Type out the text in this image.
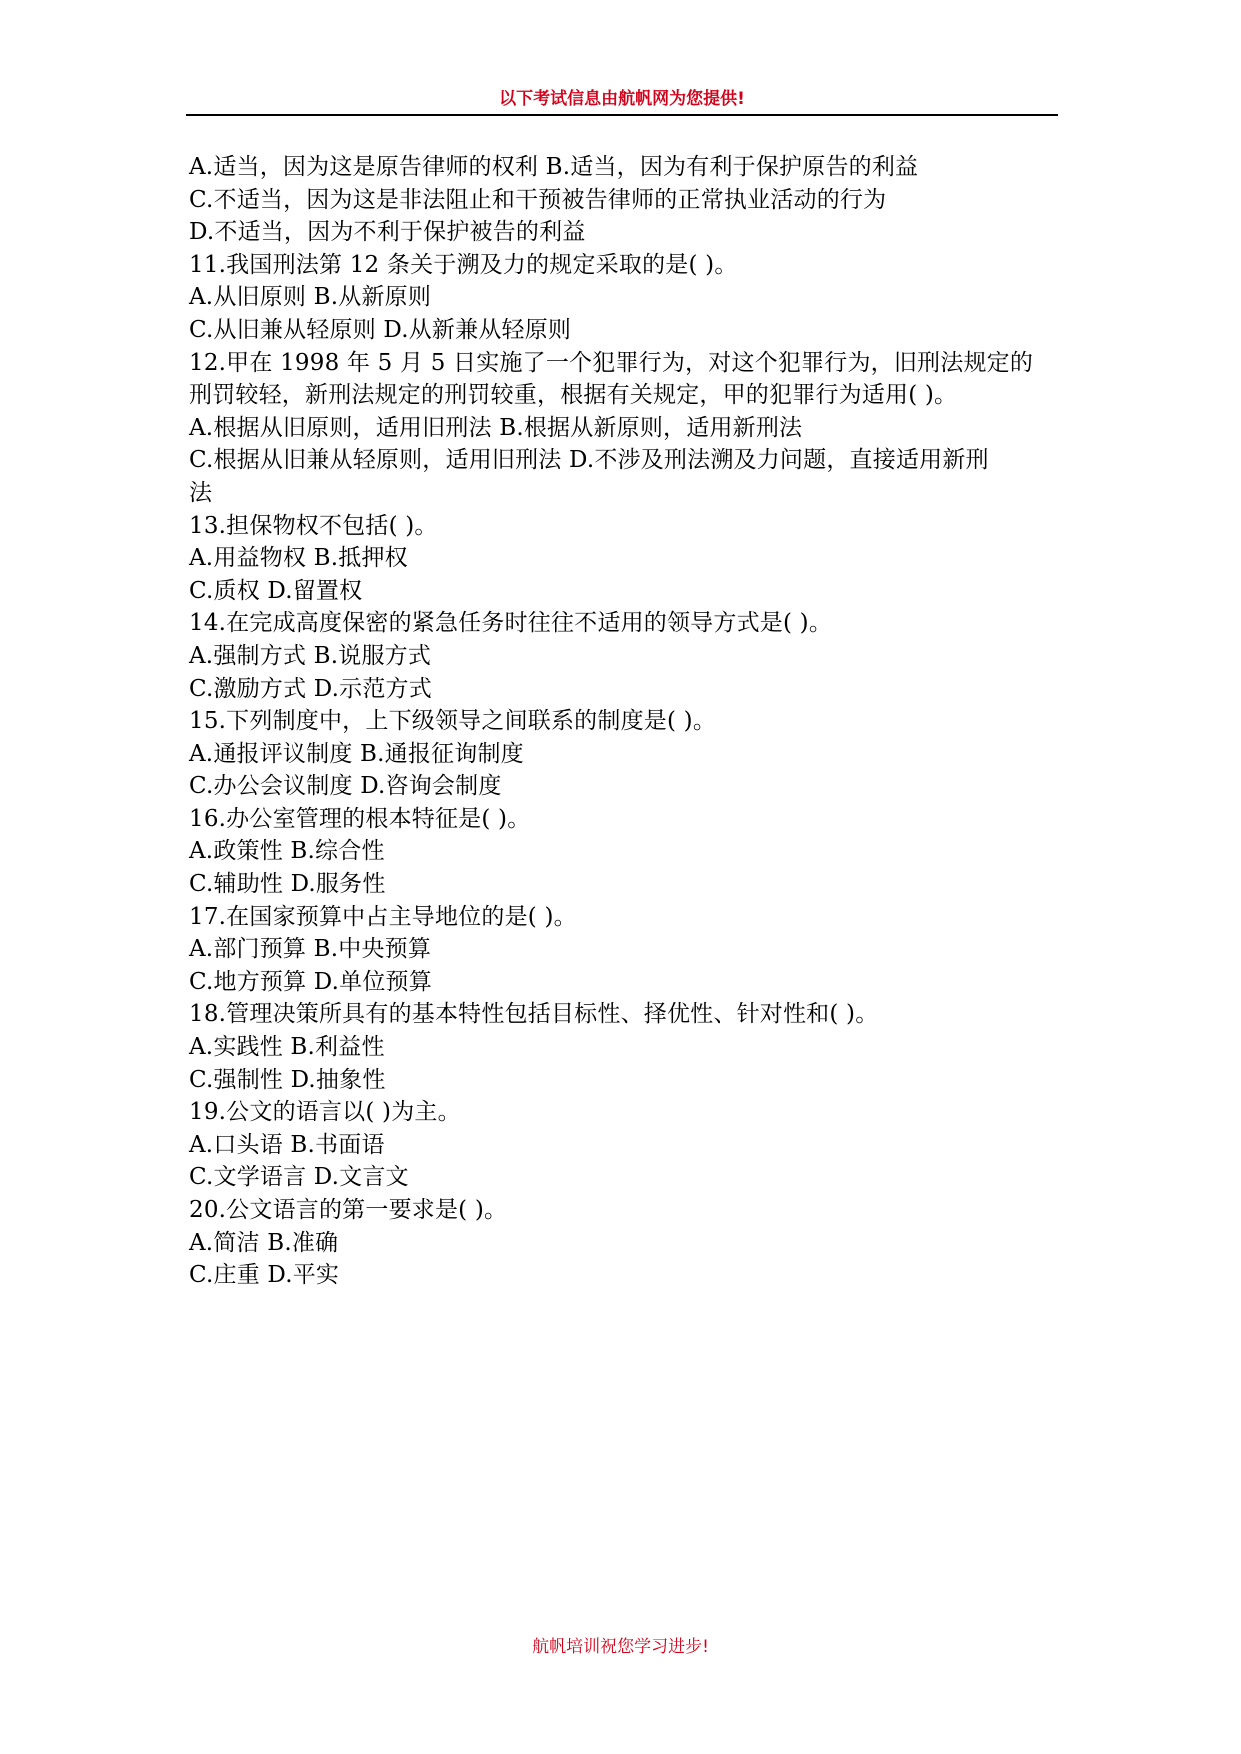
以下考试信息由航帆网为您提供!
A.适当，因为这是原告律师的权利 B.适当，因为有利于保护原告的利益
C.不适当，因为这是非法阻止和干预被告律师的正常执业活动的行为
D.不适当，因为不利于保护被告的利益
11.我国刑法第 12 条关于溯及力的规定采取的是( )。
A.从旧原则 B.从新原则
C.从旧兼从轻原则 D.从新兼从轻原则
12.甲在 1998 年 5 月 5 日实施了一个犯罪行为，对这个犯罪行为，旧刑法规定的
刑罚较轻，新刑法规定的刑罚较重，根据有关规定，甲的犯罪行为适用( )。
A.根据从旧原则，适用旧刑法 B.根据从新原则，适用新刑法
C.根据从旧兼从轻原则，适用旧刑法 D.不涉及刑法溯及力问题，直接适用新刑
法
13.担保物权不包括( )。
A.用益物权 B.抵押权
C.质权 D.留置权
14.在完成高度保密的紧急任务时往往不适用的领导方式是( )。
A.强制方式 B.说服方式
C.激励方式 D.示范方式
15.下列制度中，上下级领导之间联系的制度是( )。
A.通报评议制度 B.通报征询制度
C.办公会议制度 D.咨询会制度
16.办公室管理的根本特征是( )。
A.政策性 B.综合性
C.辅助性 D.服务性
17.在国家预算中占主导地位的是( )。
A.部门预算 B.中央预算
C.地方预算 D.单位预算
18.管理决策所具有的基本特性包括目标性、择优性、针对性和( )。
A.实践性 B.利益性
C.强制性 D.抽象性
19.公文的语言以( )为主。
A.口头语 B.书面语
C.文学语言 D.文言文
20.公文语言的第一要求是( )。
A.简洁 B.准确
C.庄重 D.平实
航帆培训祝您学习进步!
